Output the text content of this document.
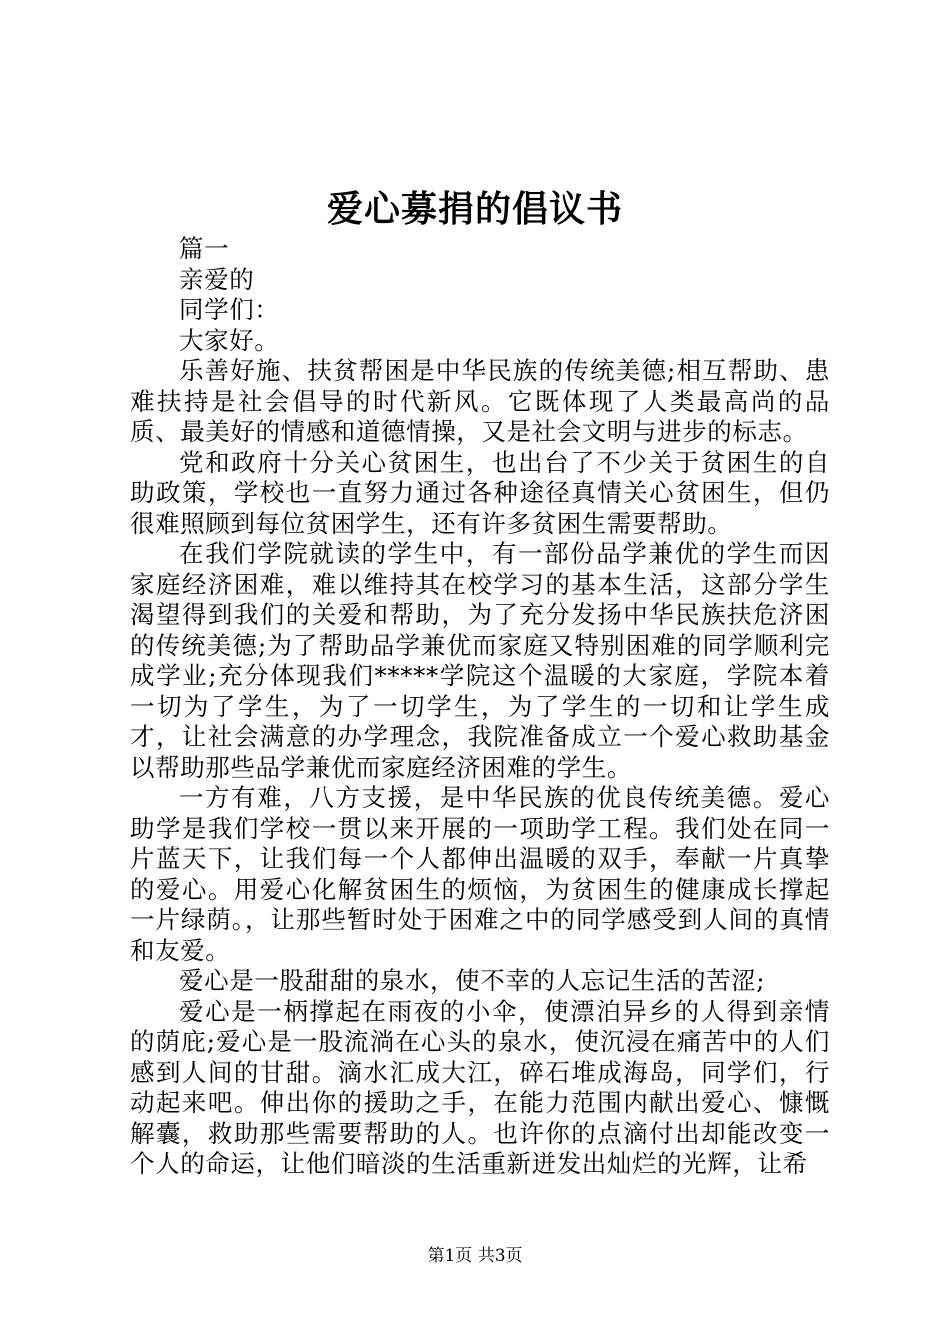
爱心募捐的倡议书

篇一

亲爱的

同学们：

大家好。

乐善好施、扶贫帮困是中华民族的传统美德;相互帮助、患难扶持是社会倡导的时代新风。它既体现了人类最高尚的品质、最美好的情感和道德情操，又是社会文明与进步的标志。

党和政府十分关心贫困生，也出台了不少关于贫困生的自助政策，学校也一直努力通过各种途径真情关心贫困生，但仍很难照顾到每位贫困学生，还有许多贫困生需要帮助。

在我们学院就读的学生中，有一部份品学兼优的学生而因家庭经济困难，难以维持其在校学习的基本生活，这部分学生渴望得到我们的关爱和帮助，为了充分发扬中华民族扶危济困的传统美德;为了帮助品学兼优而家庭又特别困难的同学顺利完成学业;充分体现我们*****学院这个温暖的大家庭，学院本着一切为了学生，为了一切学生，为了学生的一切和让学生成才，让社会满意的办学理念，我院准备成立一个爱心救助基金以帮助那些品学兼优而家庭经济困难的学生。

一方有难，八方支援，是中华民族的优良传统美德。爱心助学是我们学校一贯以来开展的一项助学工程。我们处在同一片蓝天下，让我们每一个人都伸出温暖的双手，奉献一片真挚的爱心。用爱心化解贫困生的烦恼，为贫困生的健康成长撑起一片绿荫。，让那些暂时处于困难之中的同学感受到人间的真情和友爱。

爱心是一股甜甜的泉水，使不幸的人忘记生活的苦涩;

爱心是一柄撑起在雨夜的小伞，使漂泊异乡的人得到亲情的荫庇;爱心是一股流淌在心头的泉水，使沉浸在痛苦中的人们感到人间的甘甜。滴水汇成大江，碎石堆成海岛，同学们，行动起来吧。伸出你的援助之手，在能力范围内献出爱心、慷慨解囊，救助那些需要帮助的人。也许你的点滴付出却能改变一个人的命运，让他们暗淡的生活重新迸发出灿烂的光辉，让希

第1页 共3页
